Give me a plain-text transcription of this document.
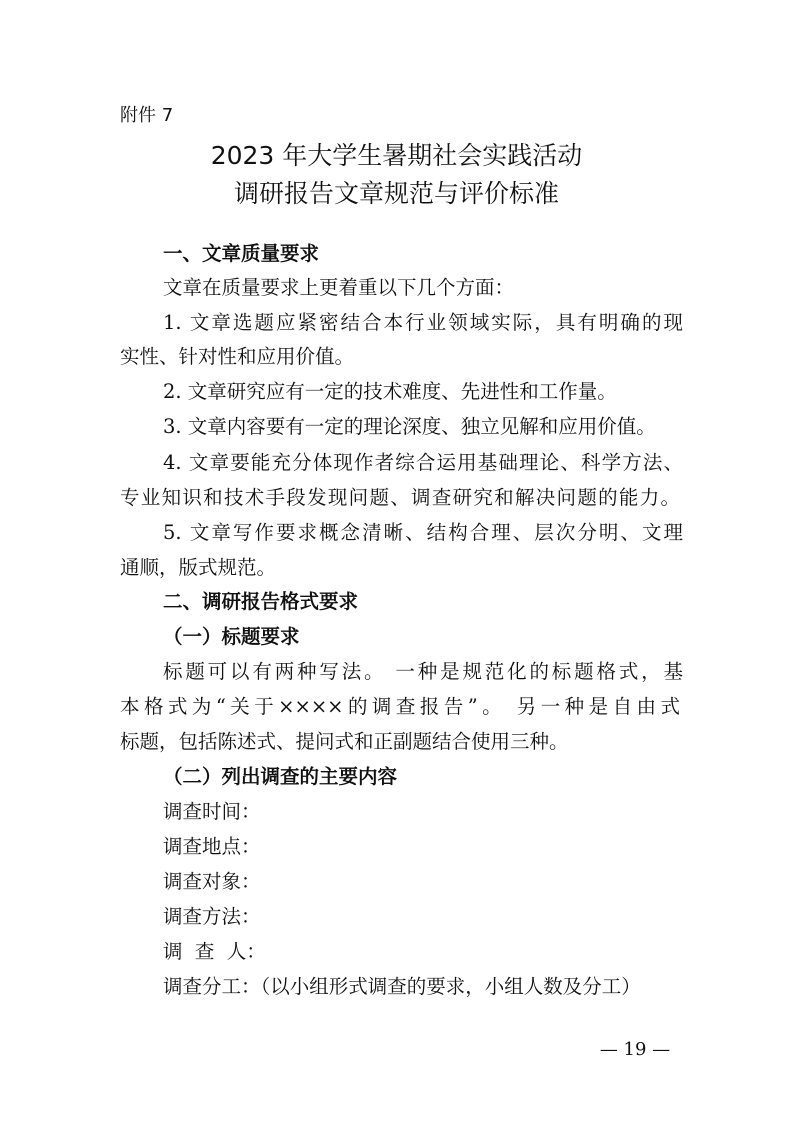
附件 7
2023 年大学生暑期社会实践活动
调研报告文章规范与评价标准
一、文章质量要求
文章在质量要求上更着重以下几个方面：
1. 文章选题应紧密结合本行业领域实际，具有明确的现
实性、针对性和应用价值。
2. 文章研究应有一定的技术难度、先进性和工作量。
3. 文章内容要有一定的理论深度、独立见解和应用价值。
4. 文章要能充分体现作者综合运用基础理论、科学方法、
专业知识和技术手段发现问题、调查研究和解决问题的能力。
5. 文章写作要求概念清晰、结构合理、层次分明、文理
通顺，版式规范。
二、调研报告格式要求
（一）标题要求
标题可以有两种写法。 一种是规范化的标题格式，基
本格式为“关于××××的调查报告”。 另一种是自由式
标题，包括陈述式、提问式和正副题结合使用三种。
（二）列出调查的主要内容
调查时间：
调查地点：
调查对象：
调查方法：
调  查  人：
调查分工：（以小组形式调查的要求，小组人数及分工）
— 19 —
